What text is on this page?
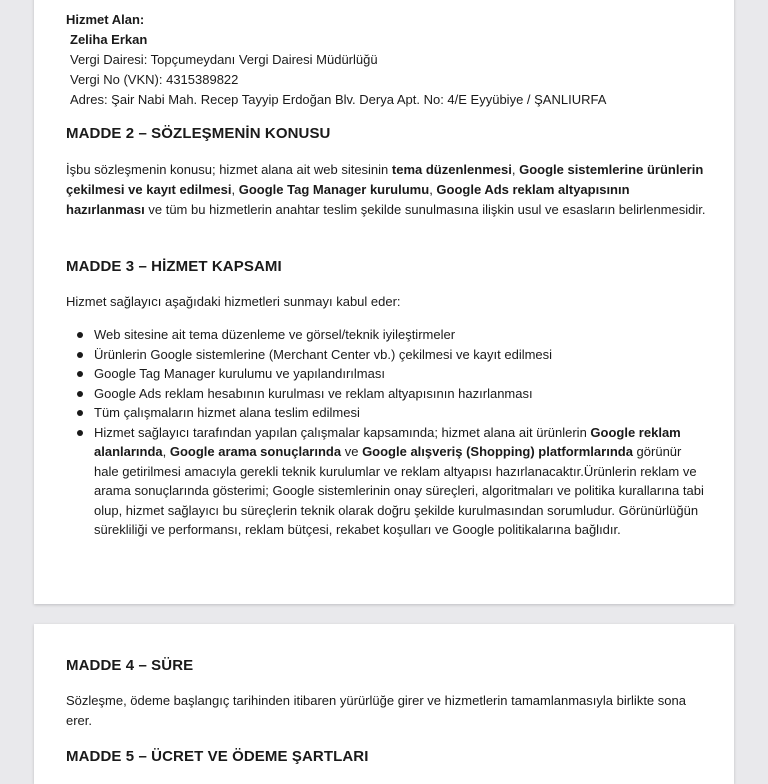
Hizmet Alan:
Zeliha Erkan
Vergi Dairesi: Topçumeydanı Vergi Dairesi Müdürlüğü
Vergi No (VKN): 4315389822
Adres: Şair Nabi Mah. Recep Tayyip Erdoğan Blv. Derya Apt. No: 4/E Eyyübiye / ŞANLIURFA
MADDE 2 – SÖZLEŞMENİN KONUSU
İşbu sözleşmenin konusu; hizmet alana ait web sitesinin tema düzenlenmesi, Google sistemlerine ürünlerin çekilmesi ve kayıt edilmesi, Google Tag Manager kurulumu, Google Ads reklam altyapısının hazırlanması ve tüm bu hizmetlerin anahtar teslim şekilde sunulmasına ilişkin usul ve esasların belirlenmesidir.
MADDE 3 – HİZMET KAPSAMI
Hizmet sağlayıcı aşağıdaki hizmetleri sunmayı kabul eder:
Web sitesine ait tema düzenleme ve görsel/teknik iyileştirmeler
Ürünlerin Google sistemlerine (Merchant Center vb.) çekilmesi ve kayıt edilmesi
Google Tag Manager kurulumu ve yapılandırılması
Google Ads reklam hesabının kurulması ve reklam altyapısının hazırlanması
Tüm çalışmaların hizmet alana teslim edilmesi
Hizmet sağlayıcı tarafından yapılan çalışmalar kapsamında; hizmet alana ait ürünlerin Google reklam alanlarında, Google arama sonuçlarında ve Google alışveriş (Shopping) platformlarında görünür hale getirilmesi amacıyla gerekli teknik kurulumlar ve reklam altyapısı hazırlanacaktır.Ürünlerin reklam ve arama sonuçlarında gösterimi; Google sistemlerinin onay süreçleri, algoritmaları ve politika kurallarına tabi olup, hizmet sağlayıcı bu süreçlerin teknik olarak doğru şekilde kurulmasından sorumludur. Görünürlüğün sürekliliği ve performansı, reklam bütçesi, rekabet koşulları ve Google politikalarına bağlıdır.
MADDE 4 – SÜRE
Sözleşme, ödeme başlangıç tarihinden itibaren yürürlüğe girer ve hizmetlerin tamamlanmasıyla birlikte sona erer.
MADDE 5 – ÜCRET VE ÖDEME ŞARTLARI
